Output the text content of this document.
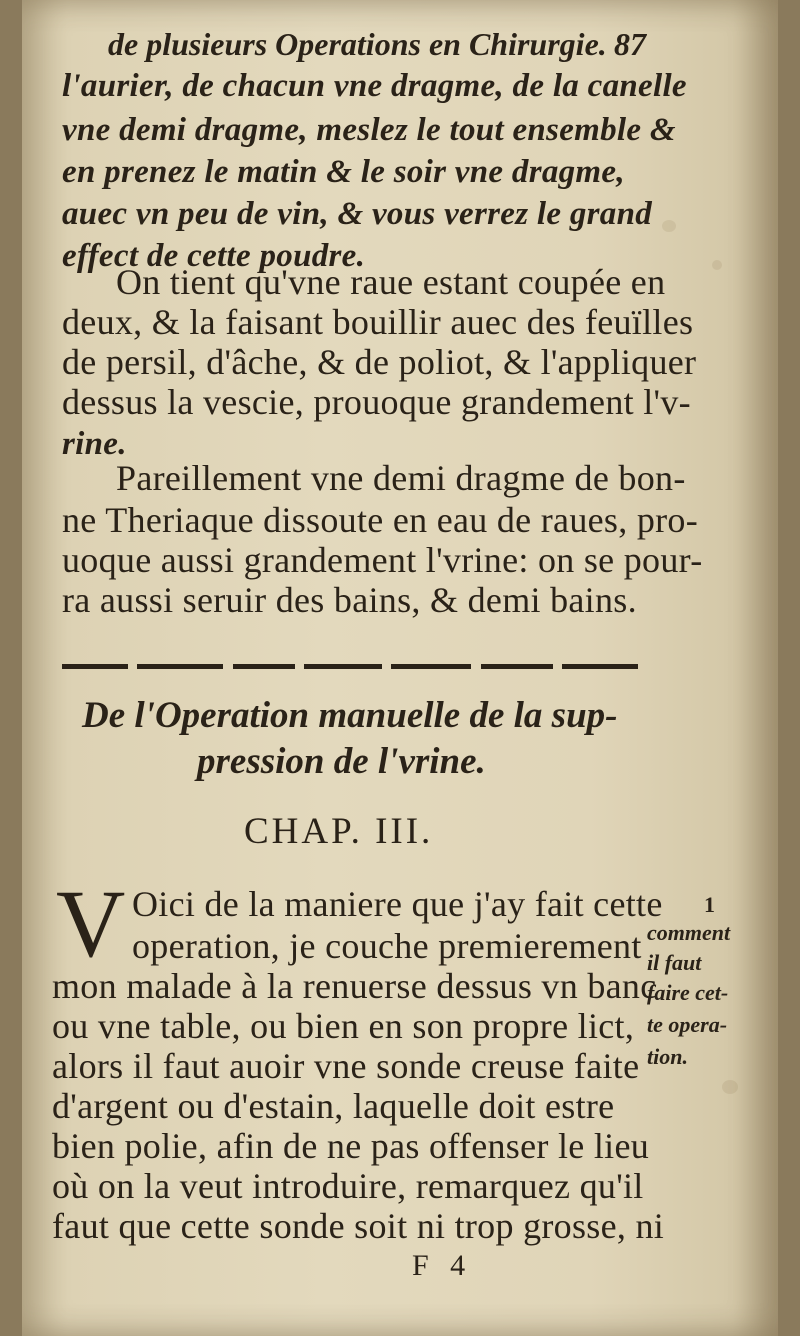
de plusieurs Operations en Chirurgie. 87
l'aurier, de chacun vne dragme, de la canelle
vne demi dragme, meslez le tout ensemble &
en prenez le matin & le soir vne dragme,
auec vn peu de vin, & vous verrez le grand
effect de cette poudre.
On tient qu'vne raue estant coupée en
deux, & la faisant bouillir auec des feuïlles
de persil, d'âche, & de poliot, & l'appliquer
dessus la vescie, prouoque grandement l'v-
rine.
Pareillement vne demi dragme de bon-
ne Theriaque dissoute en eau de raues, pro-
uoque aussi grandement l'vrine: on se pour-
ra aussi seruir des bains, & demi bains.
De l'Operation manuelle de la sup-
pression de l'vrine.
CHAP. III.
V Oici de la maniere que j'ay fait cette
operation, je couche premierement
mon malade à la renuerse dessus vn banc
ou vne table, ou bien en son propre lict,
alors il faut auoir vne sonde creuse faite
d'argent ou d'estain, laquelle doit estre
bien polie, afin de ne pas offenser le lieu
où on la veut introduire, remarquez qu'il
faut que cette sonde soit ni trop grosse, ni
1
comment
il faut
faire cet-
te opera-
tion.
F 4
